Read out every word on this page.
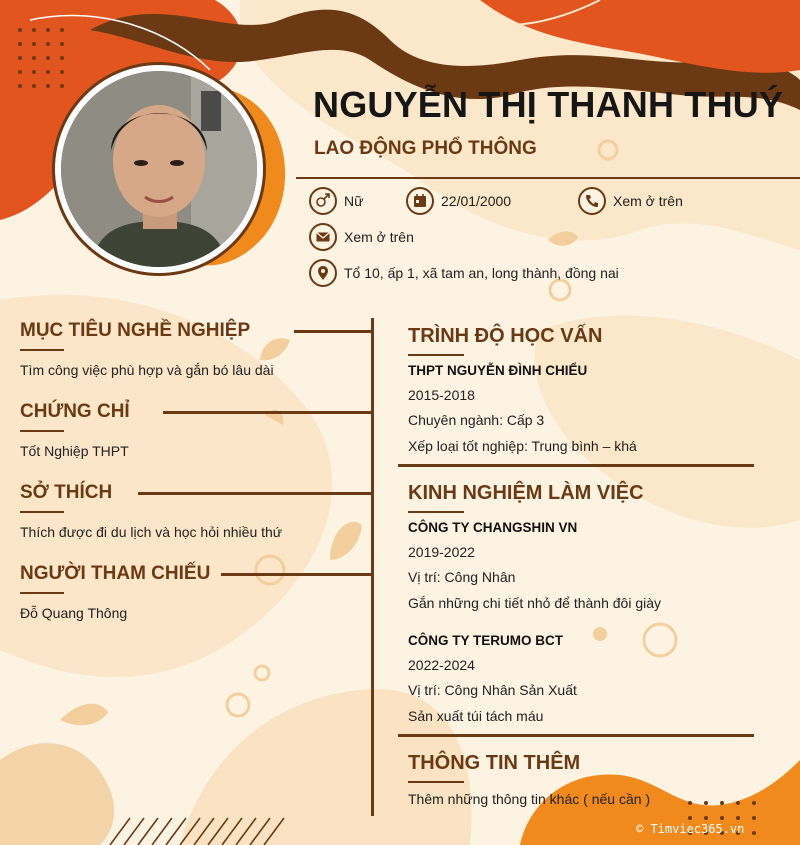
NGUYỄN THỊ THANH THUÝ
LAO ĐỘNG PHỔ THÔNG
Nữ	22/01/2000	Xem ở trên
Xem ở trên
Tổ 10, ấp 1, xã tam an, long thành, đồng nai
MỤC TIÊU NGHỀ NGHIỆP
Tìm công việc phù hợp và gắn bó lâu dài
CHỨNG CHỈ
Tốt Nghiệp THPT
SỞ THÍCH
Thích được đi du lịch và học hỏi nhiều thứ
NGƯỜI THAM CHIẾU
Đỗ Quang Thông
TRÌNH ĐỘ HỌC VẤN
THPT NGUYỄN ĐÌNH CHIỂU
2015-2018
Chuyên ngành: Cấp 3
Xếp loại tốt nghiệp: Trung bình – khá
KINH NGHIỆM LÀM VIỆC
CÔNG TY CHANGSHIN VN
2019-2022
Vị trí: Công Nhân
Gắn những chi tiết nhỏ để thành đôi giày
CÔNG TY TERUMO BCT
2022-2024
Vị trí: Công Nhân Sản Xuất
Sản xuất túi tách máu
THÔNG TIN THÊM
Thêm những thông tin khác ( nếu cần )
© Timviec365.vn
